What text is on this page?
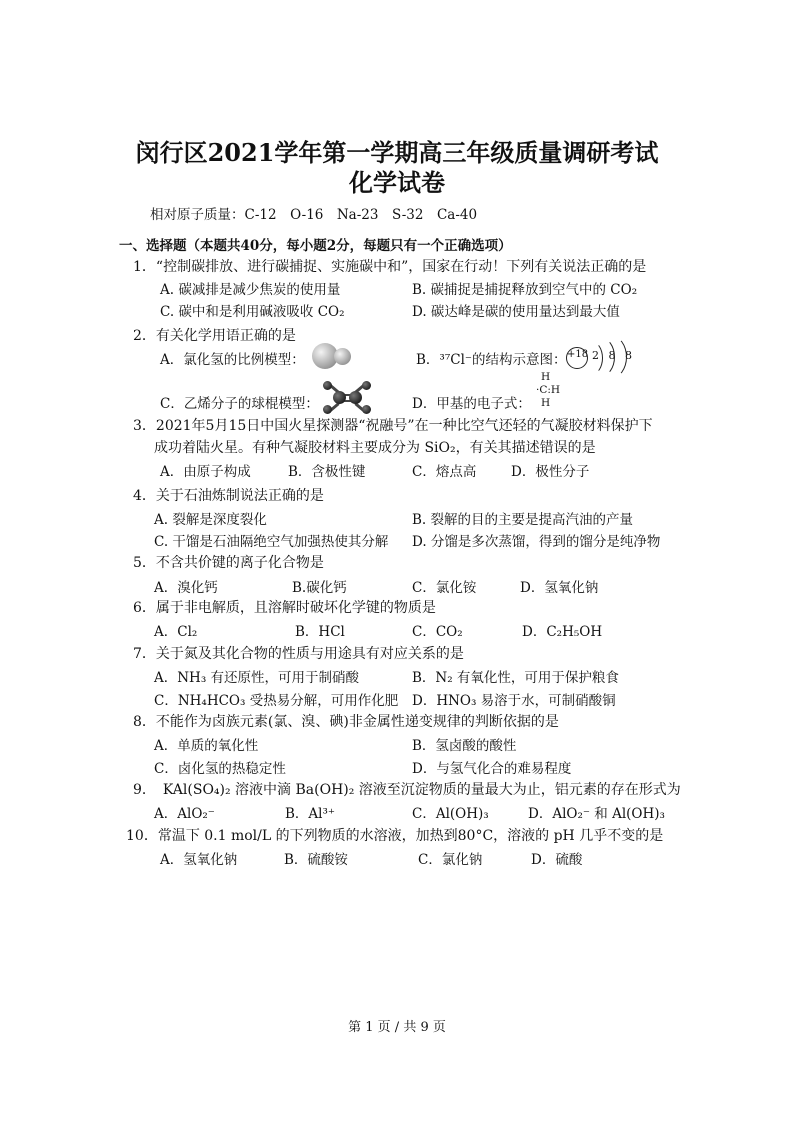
闵行区2021学年第一学期高三年级质量调研考试
化学试卷
相对原子质量：C-12　O-16　Na-23　S-32　Ca-40
一、选择题（本题共40分，每小题2分，每题只有一个正确选项）
1．“控制碳排放、进行碳捕捉、实施碳中和”，国家在行动！下列有关说法正确的是
A. 碳减排是减少焦炭的使用量	B. 碳捕捉是捕捉释放到空气中的 CO₂
C. 碳中和是利用碱液吸收 CO₂	D. 碳达峰是碳的使用量达到最大值
2．有关化学用语正确的是
A．氯化氢的比例模型：	B．³⁷Cl⁻的结构示意图： +18 2 8 8
C．乙烯分子的球棍模型：	D．甲基的电子式：
H
·C:H
H
3．2021年5月15日中国火星探测器“祝融号”在一种比空气还轻的气凝胶材料保护下
成功着陆火星。有种气凝胶材料主要成分为 SiO₂，有关其描述错误的是
A．由原子构成	B．含极性键	C．熔点高	D．极性分子
4．关于石油炼制说法正确的是
A. 裂解是深度裂化	B. 裂解的目的主要是提高汽油的产量
C. 干馏是石油隔绝空气加强热使其分解 D. 分馏是多次蒸馏，得到的馏分是纯净物
5．不含共价键的离子化合物是
A．溴化钙	B.碳化钙	C．氯化铵	D．氢氧化钠
6．属于非电解质，且溶解时破坏化学键的物质是
A．Cl₂	B．HCl	C．CO₂	D．C₂H₅OH
7．关于氮及其化合物的性质与用途具有对应关系的是
A．NH₃ 有还原性，可用于制硝酸	B．N₂ 有氧化性，可用于保护粮食
C．NH₄HCO₃ 受热易分解，可用作化肥 D．HNO₃ 易溶于水，可制硝酸铜
8．不能作为卤族元素(氯、溴、碘)非金属性递变规律的判断依据的是
A．单质的氧化性	B．氢卤酸的酸性
C．卤化氢的热稳定性	D．与氢气化合的难易程度
9．　KAl(SO₄)₂ 溶液中滴 Ba(OH)₂ 溶液至沉淀物质的量最大为止，铝元素的存在形式为
A．AlO₂⁻	B．Al³⁺	C．Al(OH)₃	D．AlO₂⁻ 和 Al(OH)₃
10．常温下 0.1 mol/L 的下列物质的水溶液，加热到80°C，溶液的 pH 几乎不变的是
A．氢氧化钠	B．硫酸铵	C．氯化钠	D．硫酸
第 1 页 / 共 9 页
